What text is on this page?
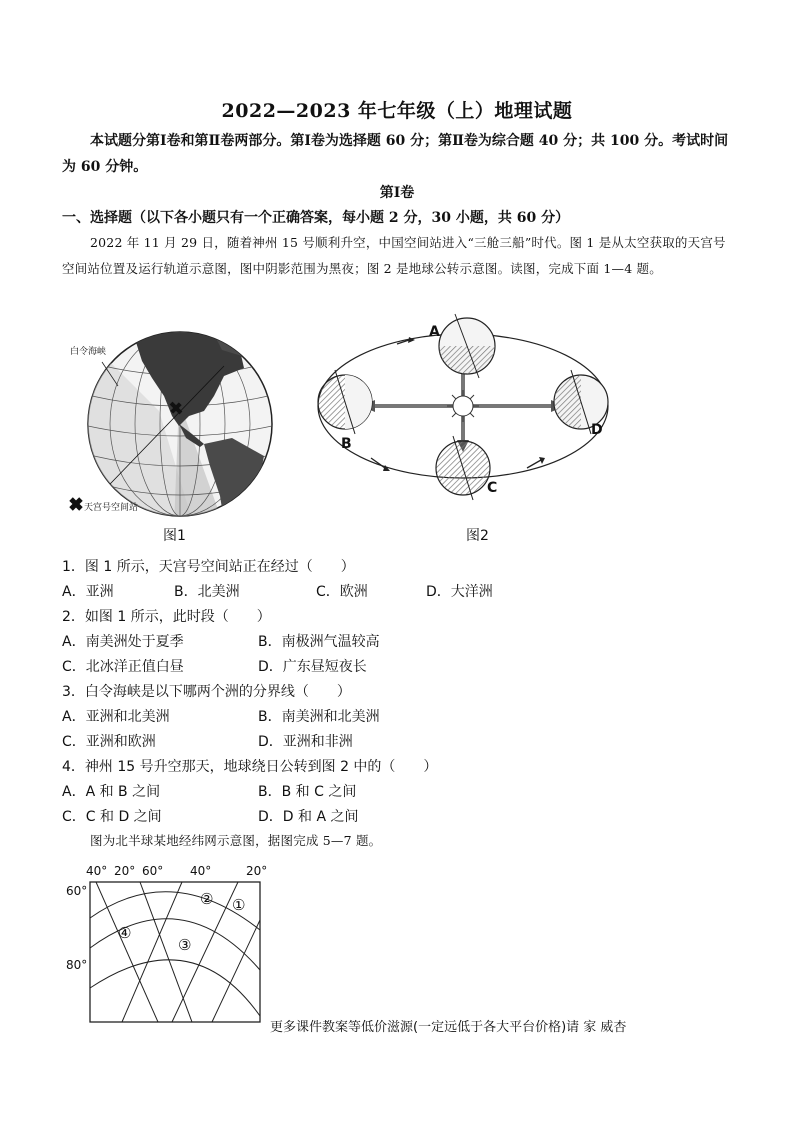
2022—2023 年七年级（上）地理试题
本试题分第Ⅰ卷和第Ⅱ卷两部分。第Ⅰ卷为选择题 60 分；第Ⅱ卷为综合题 40 分；共 100 分。考试时间为 60 分钟。
第Ⅰ卷
一、选择题（以下各小题只有一个正确答案，每小题 2 分，30 小题，共 60 分）
2022 年 11 月 29 日，随着神州 15 号顺利升空，中国空间站进入“三舱三船”时代。图 1 是从太空获取的天宫号空间站位置及运行轨道示意图，图中阴影范围为黑夜；图 2 是地球公转示意图。读图，完成下面 1—4 题。
白令海峡
天宫号空间站
图1
A
B
C
D
图2
1．图 1 所示，天宫号空间站正在经过（　　）
A．亚洲	B．北美洲	C．欧洲	D．大洋洲
2．如图 1 所示，此时段（　　）
A．南美洲处于夏季	B．南极洲气温较高
C．北冰洋正值白昼	D．广东昼短夜长
3．白令海峡是以下哪两个洲的分界线（　　）
A．亚洲和北美洲	B．南美洲和北美洲
C．亚洲和欧洲	D．亚洲和非洲
4．神州 15 号升空那天，地球绕日公转到图 2 中的（　　）
A．A 和 B 之间	B．B 和 C 之间
C．C 和 D 之间	D．D 和 A 之间
图为北半球某地经纬网示意图，据图完成 5—7 题。
40° 20° 60° 40°	20°
60°
80°
② ①
④
③
更多课件教案等低价滋源(一定远低于各大平台价格)请 家 威杏
